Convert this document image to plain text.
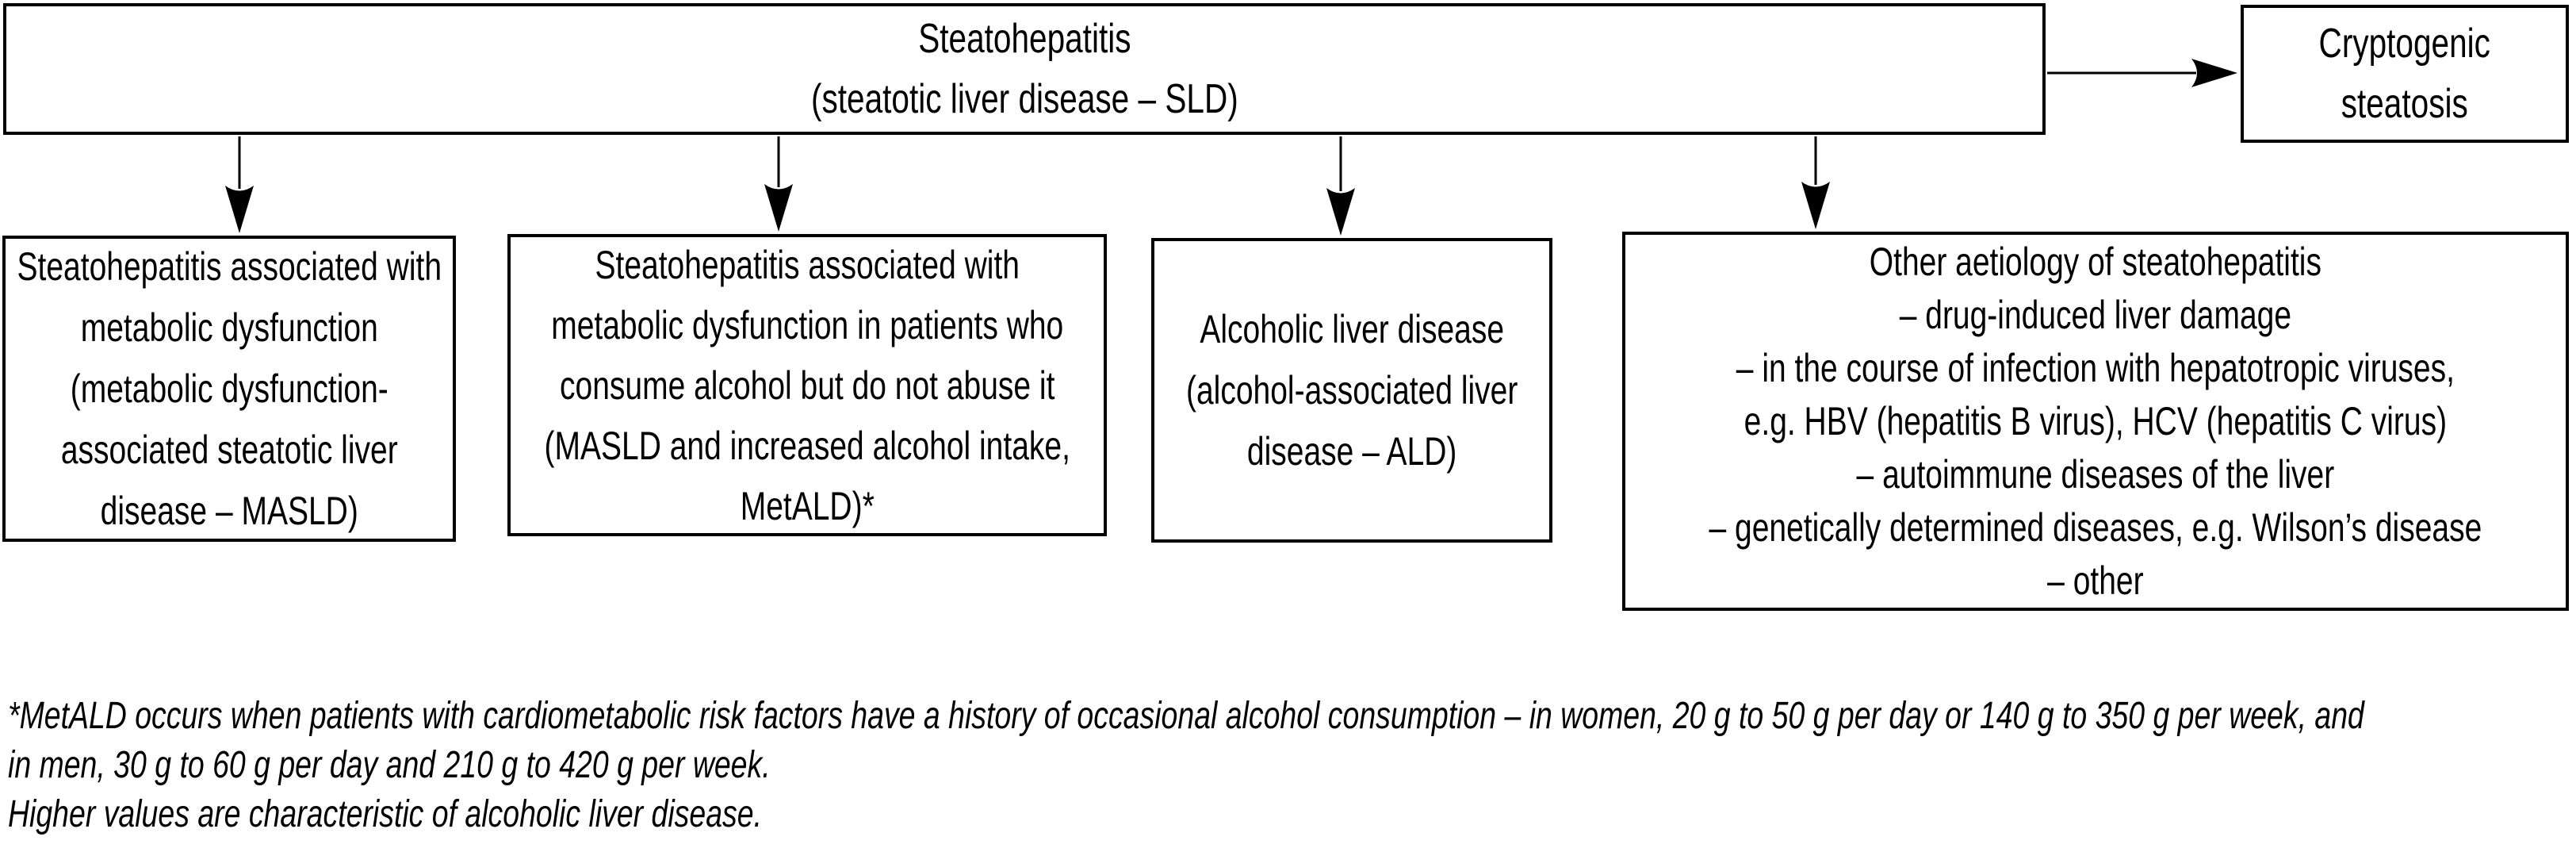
Steatohepatitis
(steatotic liver disease – SLD)
Cryptogenic
steatosis
Steatohepatitis associated with
metabolic dysfunction
(metabolic dysfunction-
associated steatotic liver
disease – MASLD)
Steatohepatitis associated with
metabolic dysfunction in patients who
consume alcohol but do not abuse it
(MASLD and increased alcohol intake,
MetALD)*
Alcoholic liver disease
(alcohol-associated liver
disease – ALD)
Other aetiology of steatohepatitis
– drug-induced liver damage
– in the course of infection with hepatotropic viruses,
e.g. HBV (hepatitis B virus), HCV (hepatitis C virus)
– autoimmune diseases of the liver
– genetically determined diseases, e.g. Wilson’s disease
– other
*MetALD occurs when patients with cardiometabolic risk factors have a history of occasional alcohol consumption – in women, 20 g to 50 g per day or 140 g to 350 g per week, and
in men, 30 g to 60 g per day and 210 g to 420 g per week.
Higher values are characteristic of alcoholic liver disease.
